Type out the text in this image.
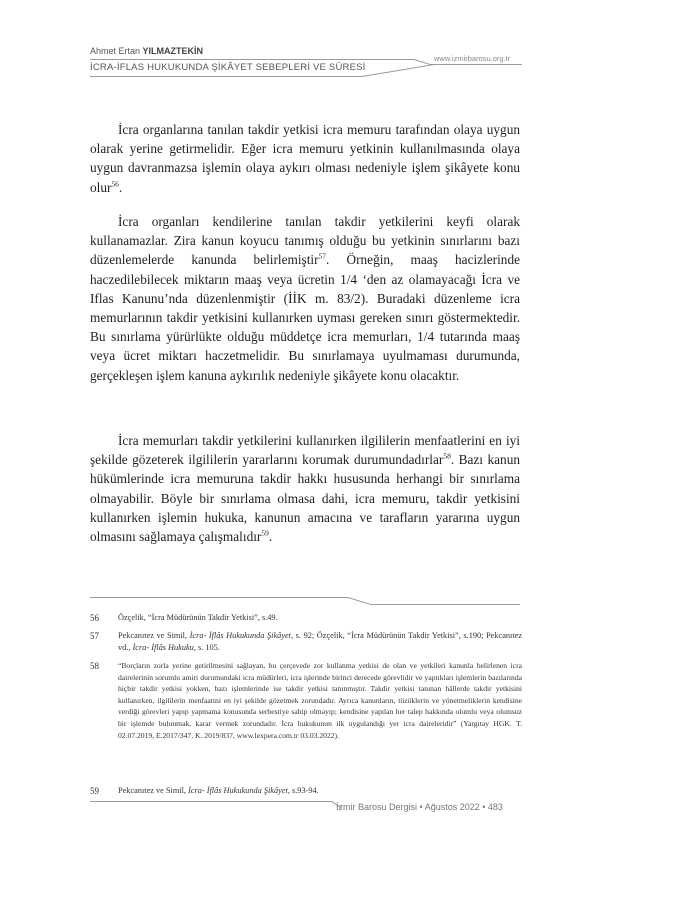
Ahmet Ertan YILMAZTEKİN
www.izmirbarosu.org.tr
İCRA-İFLAS HUKUKUNDA ŞİKÂYET SEBEPLERİ VE SÜRESİ

İcra organlarına tanılan takdir yetkisi icra memuru tarafından olaya uygun olarak yerine getirmelidir. Eğer icra memuru yetkinin kullanılmasında olaya uygun davranmazsa işlemin olaya aykırı olması nedeniyle işlem şikâyete konu olur$^{56}$.

İcra organları kendilerine tanılan takdir yetkilerini keyfi olarak kullanamazlar. Zira kanun koyucu tanımış olduğu bu yetkinin sınırlarını bazı düzenlemelerde kanunda belirlemiştir$^{57}$. Örneğin, maaş hacizlerinde haczedilebilecek miktarın maaş veya ücretin 1/4 ‘den az olamayacağı İcra ve Iflas Kanunu’nda düzenlenmiştir (İİK m. 83/2). Buradaki düzenleme icra memurlarının takdir yetkisini kullanırken uyması gereken sınırı göstermektedir. Bu sınırlama yürürlükte olduğu müddetçe icra memurları, 1/4 tutarında maaş veya ücret miktarı haczetmelidir. Bu sınırlamaya uyulmaması durumunda, gerçekleşen işlem kanuna aykırılık nedeniyle şikâyete konu olacaktır.

İcra memurları takdir yetkilerini kullanırken ilgililerin menfaatlerini en iyi şekilde gözeterek ilgililerin yararlarını korumak durumundadırlar$^{58}$. Bazı kanun hükümlerinde icra memuruna takdir hakkı hususunda herhangi bir sınırlama olmayabilir. Böyle bir sınırlama olmasa dahi, icra memuru, takdir yetkisini kullanırken işlemin hukuka, kanunun amacına ve tarafların yararına uygun olmasını sağlamaya çalışmalıdır$^{59}$.

56 Özçelik, “İcra Müdürünün Takdir Yetkisi”, s.49.
57 Pekcanıtez ve Simil, İcra- İflâs Hukukunda Şikâyet, s. 92; Özçelik, “İcra Müdürünün Takdir Yetkisi”, s.190; Pekcanıtez vd., İcra- İflâs Hukuku, s. 105.
58	“Borçların zorla yerine getirilmesini sağlayan, bu çerçevede zor kullanma yetkisi de olan ve yetkileri kanunla belirlenen icra dairelerinin sorumlu amiri durumundaki icra müdürleri, icra işlerinde birinci derecede görevlidir ve yaptıkları işlemlerin bazılarında hiçbir takdir yetkisi yokken, bazı işlemlerinde ise takdir yetkisi tanınmıştır. Takdir yetkisi tanınan hâllerde takdir yetkisini kullanırken, ilgililerin menfaatini en iyi şekilde gözetmek zorundadır. Ayrıca kanunların, tüzüklerin ve yönetmeliklerin kendisine verdiği görevleri yapıp yapmama konusunda serbestiye sahip olmayıp; kendisine yapılan her talep hakkında olumlu veya olumsuz bir işlemde bulunmak, karar vermek zorundadır. İcra hukukunun ilk uygulandığı yer icra daireleridir” (Yargıtay HGK. T. 02.07.2019, E.2017/347, K. 2019/837, www.lexpera.com.tr 03.03.2022).
59 Pekcanıtez ve Simil, İcra- İflâs Hukukunda Şikâyet, s.93-94.
İzmir Barosu Dergisi • Ağustos 2022 • 483
